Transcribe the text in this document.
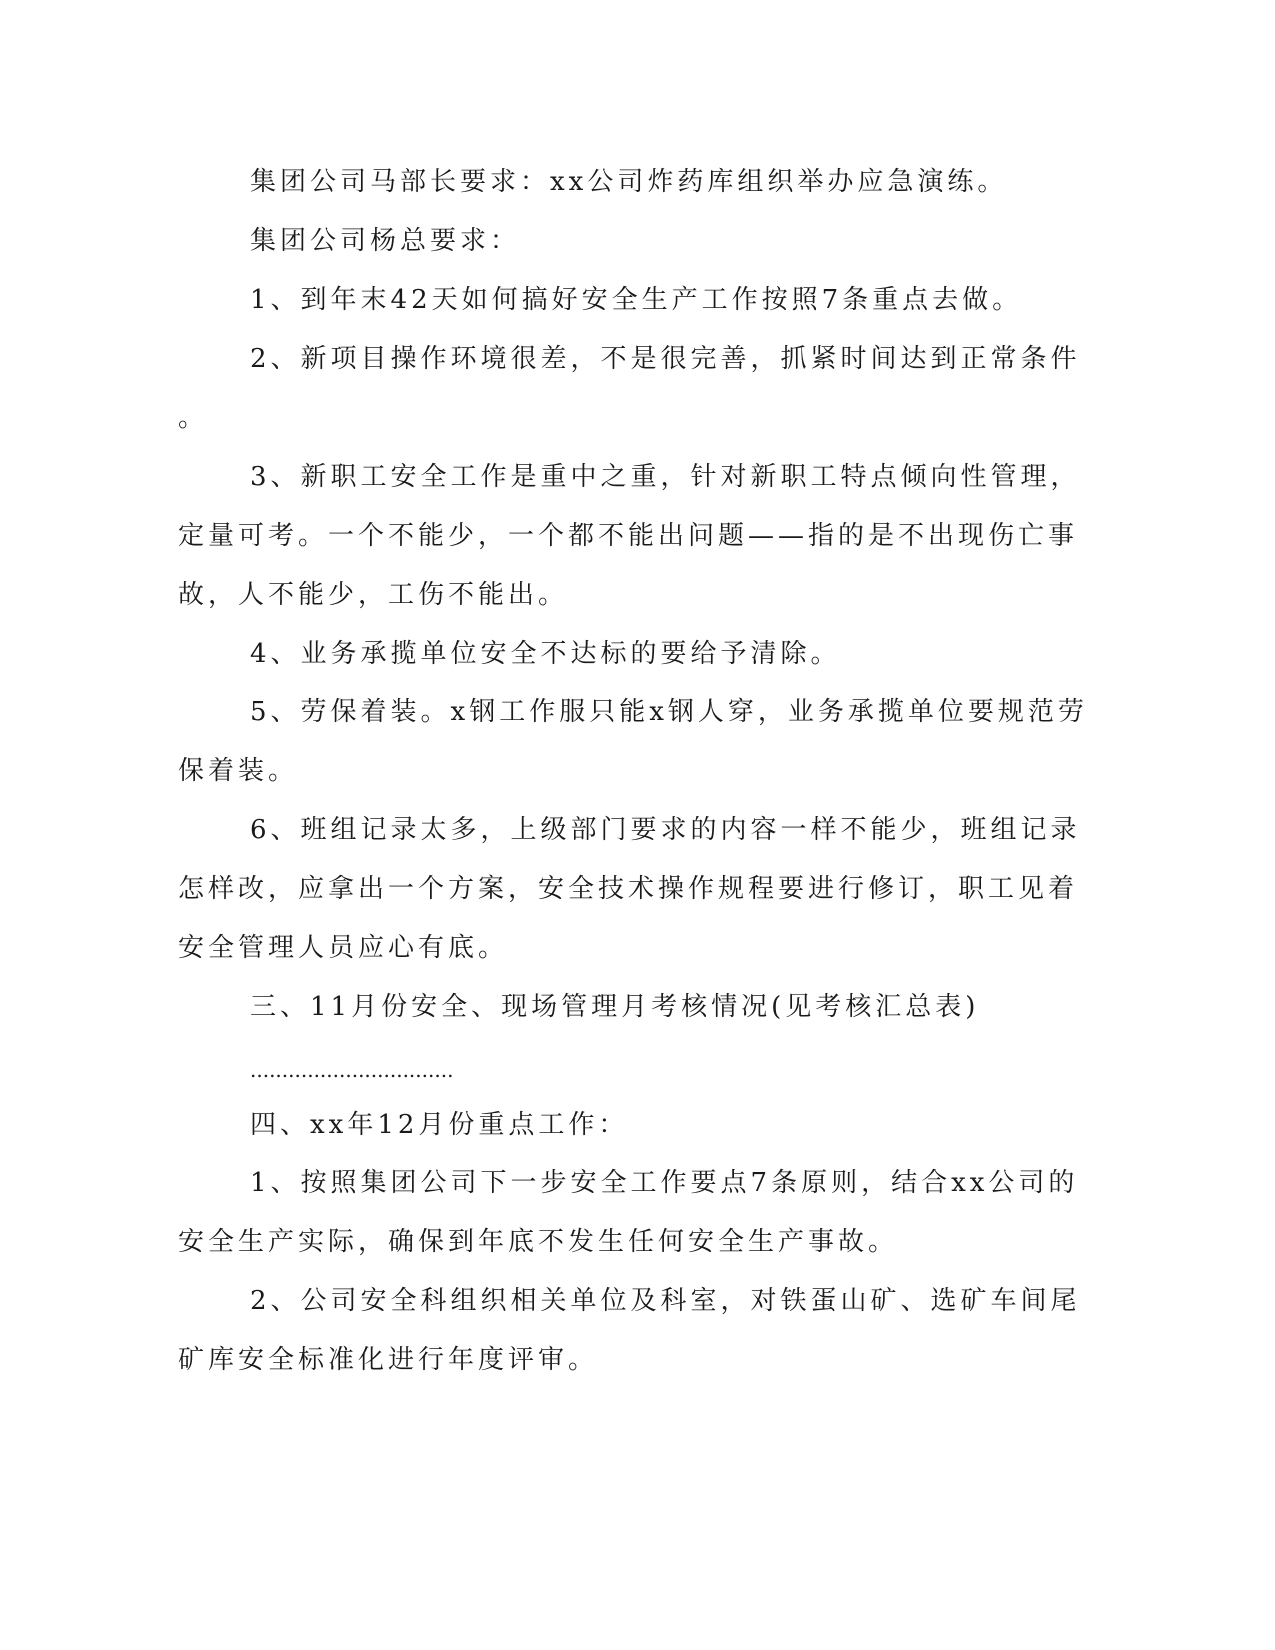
集团公司马部长要求：xx公司炸药库组织举办应急演练。
集团公司杨总要求：
1、到年末42天如何搞好安全生产工作按照7条重点去做。
2、新项目操作环境很差，不是很完善，抓紧时间达到正常条件
。
3、新职工安全工作是重中之重，针对新职工特点倾向性管理，
定量可考。一个不能少，一个都不能出问题——指的是不出现伤亡事
故，人不能少，工伤不能出。
4、业务承揽单位安全不达标的要给予清除。
5、劳保着装。x钢工作服只能x钢人穿，业务承揽单位要规范劳
保着装。
6、班组记录太多，上级部门要求的内容一样不能少，班组记录
怎样改，应拿出一个方案，安全技术操作规程要进行修订，职工见着
安全管理人员应心有底。
三、11月份安全、现场管理月考核情况(见考核汇总表)
................................
四、xx年12月份重点工作：
1、按照集团公司下一步安全工作要点7条原则，结合xx公司的
安全生产实际，确保到年底不发生任何安全生产事故。
2、公司安全科组织相关单位及科室，对铁蛋山矿、选矿车间尾
矿库安全标准化进行年度评审。
